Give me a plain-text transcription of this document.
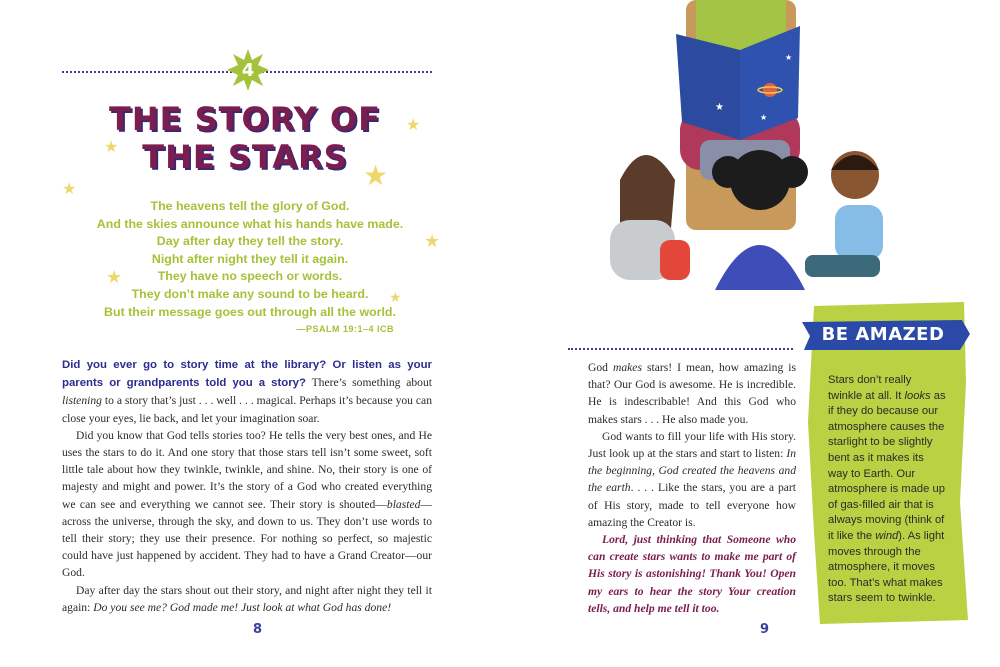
4
THE STORY OF
THE STARS
★
★
★
★
★
★
★
The heavens tell the glory of God.
And the skies announce what his hands have made.
Day after day they tell the story.
Night after night they tell it again.
They have no speech or words.
They don’t make any sound to be heard.
But their message goes out through all the world.
—PSALM 19:1–4 ICB

Did you ever go to story time at the library? Or listen as your parents or grandparents told you a story? There’s something about listening to a story that’s just . . . well . . . magical. Perhaps it’s because you can close your eyes, lie back, and let your imagination soar.

Did you know that God tells stories too? He tells the very best ones, and He uses the stars to do it. And one story that those stars tell isn’t some sweet, soft little tale about how they twinkle, twinkle, and shine. No, their story is one of majesty and might and power. It’s the story of a God who created everything we can see and everything we cannot see. Their story is shouted—blasted—across the universe, through the sky, and down to us. They don’t use words to tell their story; they use their presence. For nothing so perfect, so majestic could have just happened by accident. They had to have a Grand Creator—our God.

Day after day the stars shout out their story, and night after night they tell it again: Do you see me? God made me! Just look at what God has done!

8
★
★
★

God makes stars! I mean, how amazing is that? Our God is awesome. He is incredible. He is indescribable! And this God who makes stars . . . He also made you.

God wants to fill your life with His story. Just look up at the stars and start to listen: In the beginning, God created the heavens and the earth. . . . Like the stars, you are a part of His story, made to tell everyone how amazing the Creator is.

Lord, just thinking that Someone who can create stars wants to make me part of His story is astonishing! Thank You! Open my ears to hear the story Your creation tells, and help me tell it too.

BE AMAZED
Stars don’t really twinkle at all. It looks as if they do because our atmosphere causes the starlight to be slightly bent as it makes its way to Earth. Our atmosphere is made up of gas-filled air that is always moving (think of it like the wind). As light moves through the atmosphere, it moves too. That’s what makes stars seem to twinkle.
9
